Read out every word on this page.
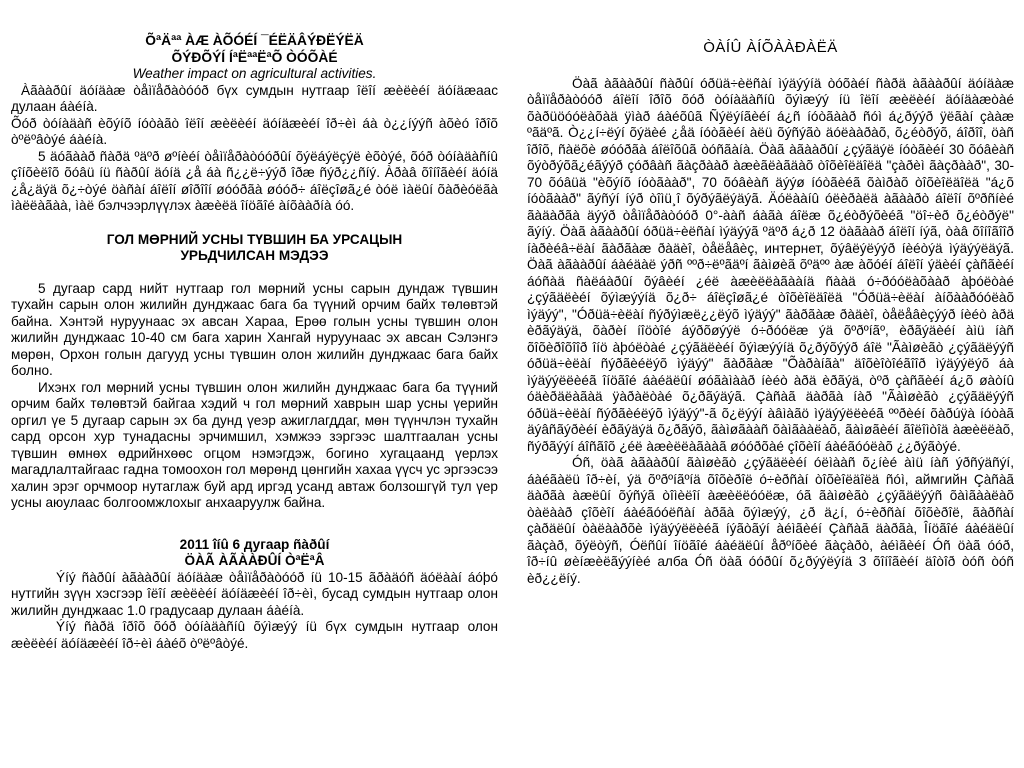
ÕªÄªª ÀÆ ÀÕÓÉÍ ¯ÉËÄÂÝÐËÝËÄ

ÕÝÐÕÝÍ ÍªËªªËªÕ ÒÓÕÀÉ

Weather impact on agricultural activities.

Àãààðûí äóíäàæ òåìïåðàòóóð бүх сумдын нутгаар îëîí æèëèéí äóíäæаас дулаан áàéíà.

Õóð òóíàäàñ èõýíõ íóòàãò îëîí æèëèéí äóíäæèéí îð÷èì áà ò¿¿íýýñ àõèó îðîõ òºëºâòýé áàéíà.

5 äóãààð ñàðä ºäºð øºíèéí òåìïåðàòóóðûí õýëáýëçýë èõòýé, õóð òóíàäàñíû çîíõèëîõ õóâü íü ñàðûí äóíä ¿å áà ñ¿¿ë÷ýýð îðæ ñýð¿¿ñíý. Àðàâ õîíîãèéí äóíä ¿å¿äýä õ¿÷òýé öàñàí áîëîí øîðîîí øóóðãà øóóð÷ áîëçîøã¿é òóë ìàëûí õàðèóëãà ìàëëàãàà, ìàë бэлчээрлүүлэх àæèëä îíöãîé àíõààðíà óó.

ГОЛ МӨРНИЙ УСНЫ ТҮВШИН БА УРСАЦЫН
УРЬДЧИЛСАН МЭДЭЭ

5 дугаар сард нийт нутгаар гол мөрний усны сарын дундаж түвшин тухайн сарын олон жилийн дунджаас бага ба түүний орчим байх төлөвтэй байна. Хэнтэй нуруунаас эх авсан Хараа, Ерөө голын усны түвшин олон жилийн дунджаас 10-40 см бага харин Хангай нуруунаас эх авсан Сэлэнгэ мөрөн, Орхон голын дагууд усны түвшин олон жилийн дунджаас бага байх болно.

Ихэнх гол мөрний усны түвшин олон жилийн дунджаас бага ба түүний орчим байх төлөвтэй байгаа хэдий ч гол мөрний хаврын шар усны үерийн оргил үе 5 дугаар сарын эх ба дунд үеэр ажиглагддаг, мөн түүнчлэн тухайн сард орсон хур тунадасны эрчимшил, хэмжээ зэргээс шалтгаалан усны түвшин өмнөх өдрийнхөөс огцом нэмэгдэж, богино хугацаанд үерлэх магадлалтайгаас гадна томоохон гол мөрөнд цөнгийн хахаа үүсч ус эргээсээ халин эрэг орчмоор нутаглаж буй ард иргэд усанд автаж болзошгүй тул үер усны аюулаас болгоомжлохыг анхааруулж байна.

2011 îíû 6 дугаар ñàðûí
ÖÀÃ ÀÃÀÀÐÛÍ ÒªËªÂ

Ýíý ñàðûí àãààðûí äóíäàæ òåìïåðàòóóð íü 10-15 ãðàäóñ äóëààí áóþó нутгийн зүүн хэсгээр îëîí æèëèéí äóíäæèéí îð÷èì, бусад сумдын нутгаар олон жилийн дунджаас 1.0 градусаар дулаан áàéíà.

Ýíý ñàðä îðîõ õóð òóíàäàñíû õýìæýý íü бүх сумдын нутгаар олон æèëèéí äóíäæèéí îð÷èì áàéõ òºëºâòýé.

ÒÀÍÛ ÀÍÕÀÀÐÀËÄ

Öàã àãààðûí ñàðûí óðüä÷èëñàí ìýäýýíä òóõàéí ñàðä àãààðûí äóíäàæ òåìïåðàòóóð áîëîí îðîõ õóð òóíàäàñíû õýìæýý íü îëîí æèëèéí äóíäàæòàé õàðüöóóëàõàä ÿìàð áàéõûã Ñýëýíãèéí á¿ñ íóòãààð ñóì á¿ðýýð ÿëãàí çààæ ºãäºã. Ò¿¿í÷ëýí õýäèé ¿åä íóòãèéí àëü õýñýãò äóëààðàõ, õ¿éòðýõ, áîðîî, öàñ îðîõ, ñàëõè øóóðãà áîëîõûã òóñãàíà. Öàã àãààðûí ¿çýãäýë íóòãèéí 30 õóâèàñ õýòðýõã¿éãýýð çóðâàñ ãàçðààð àæèãëàãäàõ òîõèîëäîëä "çàðèì ãàçðààð", 30-70 õóâüä "èõýíõ íóòãààð", 70 õóâèàñ äýýø íóòãèéã õàìðàõ òîõèîëäîëä "á¿õ íóòãààð" ãýñýí íýð òîìü¸î õýðýãëýäýã. Äóëààíû óëèðàëä àãààðò áîëîí õºðñíèé ãàäàðãà äýýð òåìïåðàòóóð 0°-ààñ áàãà áîëæ õ¿éòðýõèéã "öî÷èð õ¿éòðýë" ãýíý. Öàã àãààðûí óðüä÷èëñàí ìýäýýã ºäºð á¿ð 12 öàãààð áîëîí íýã, òàâ õîíîãîîð íàðèéâ÷ëàí ãàðãàæ ðàäèî, òåëåâèç, интернет, õýâëýëýýð íèéòýä ìýäýýëäýã. Öàã àãààðûí áàéäàë ýðñ ººð÷ëºãäºí ãàìøèã õºäºº àæ àõóéí áîëîí ýäèéí çàñãèéí áóñàä ñàëáàðûí õýâèéí ¿éë àæèëëàãààíä ñààä ó÷ðóóëàõààð àþóëòàé ¿çýãäëèéí õýìæýýíä õ¿ð÷ áîëçîøã¿é òîõèîëäîëä "Óðüä÷èëàí àíõààðóóëàõ ìýäýý", "Óðüä÷èëàí ñýðýìæë¿¿ëýõ ìýäýý" ãàðãàæ ðàäèî, òåëåâèçýýð íèéò àðä èðãýäýä, õàðèí íîöòîé áýðõøýýë ó÷ðóóëæ ýä õºðºíãº, èðãýäèéí àìü íàñ õîõèðîõîîð îíö àþóëòàé ¿çýãäëèéí õýìæýýíä õ¿ðýõýýð áîë "Ãàìøèãò ¿çýãäëýýñ óðüä÷èëàí ñýðãèéëýõ ìýäýý" ãàðãàæ "Õàðàíãà" äîõèîòîéãîîð ìýäýýëýõ áà ìýäýýëëèéã îíöãîé áàéäëûí øóãàìààð íèéò àðä èðãýä, òºð çàñãèéí á¿õ øàòíû óäèðäëàãàä ÿàðàëòàé õ¿ðãýäýã. Çàñàã äàðãà íàð "Ãàìøèãò ¿çýãäëýýñ óðüä÷èëàí ñýðãèéëýõ ìýäýý"-ã õ¿ëýýí àâìàãö ìýäýýëëèéã ººðèéí õàðúÿà íóòàã äýâñãýðèéí èðãýäýä õ¿ðãýõ, ãàìøãààñ õàìãààëàõ, ãàìøãèéí ãîëîìòîä àæèëëàõ, ñýðãýýí áîñãîõ ¿éë àæèëëàãààã øóóðõàé çîõèîí áàéãóóëàõ ¿¿ðýãòýé.

Óñ, öàã àãààðûí ãàìøèãò ¿çýãäëèéí óëìààñ õ¿íèé àìü íàñ ýðñýäñýí, áàéãàëü îð÷èí, ýä õºðºíãºíä õîõèðîë ó÷èðñàí òîõèîëäîëä ñóì, аймгийн Çàñàã äàðãà àæëûí õýñýã òîìèëîí àæèëëóóëæ, óã ãàìøèãò ¿çýãäëýýñ õàìãààëàõ òàëààð çîõèîí áàéãóóëñàí àðãà õýìæýý, ¿ð ä¿í, ó÷èðñàí õîõèðîë, ãàðñàí çàðäëûí òàëààðõè ìýäýýëëèéã íýãòãýí àéìãèéí Çàñàã äàðãà, Îíöãîé áàéäëûí ãàçàð, õýëòýñ, Óëñûí îíöãîé áàéäëûí åðºíõèé ãàçàðò, àéìãèéí Óñ öàã óóð, îð÷íû øèíæèëãýýíèé алба Óñ öàã óóðûí õ¿ðýýëýíä 3 õîíîãèéí äîòîð òóñ òóñ èð¿¿ëíý.
